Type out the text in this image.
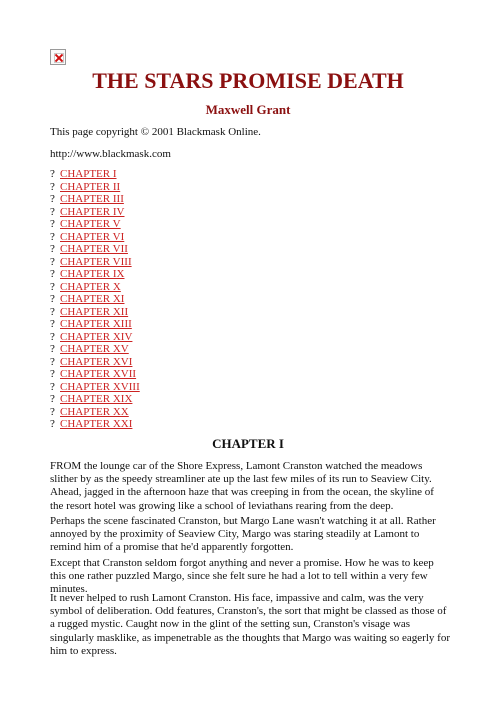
THE STARS PROMISE DEATH
Maxwell Grant
This page copyright © 2001 Blackmask Online.
http://www.blackmask.com
? CHAPTER I
? CHAPTER II
? CHAPTER III
? CHAPTER IV
? CHAPTER V
? CHAPTER VI
? CHAPTER VII
? CHAPTER VIII
? CHAPTER IX
? CHAPTER X
? CHAPTER XI
? CHAPTER XII
? CHAPTER XIII
? CHAPTER XIV
? CHAPTER XV
? CHAPTER XVI
? CHAPTER XVII
? CHAPTER XVIII
? CHAPTER XIX
? CHAPTER XX
? CHAPTER XXI
CHAPTER I

FROM the lounge car of the Shore Express, Lamont Cranston watched the meadows slither by as the speedy streamliner ate up the last few miles of its run to Seaview City. Ahead, jagged in the afternoon haze that was creeping in from the ocean, the skyline of the resort hotel was growing like a school of leviathans rearing from the deep.

Perhaps the scene fascinated Cranston, but Margo Lane wasn't watching it at all. Rather annoyed by the proximity of Seaview City, Margo was staring steadily at Lamont to remind him of a promise that he'd apparently forgotten.

Except that Cranston seldom forgot anything and never a promise. How he was to keep this one rather puzzled Margo, since she felt sure he had a lot to tell within a very few minutes.

It never helped to rush Lamont Cranston. His face, impassive and calm, was the very symbol of deliberation. Odd features, Cranston's, the sort that might be classed as those of a rugged mystic. Caught now in the glint of the setting sun, Cranston's visage was singularly masklike, as impenetrable as the thoughts that Margo was waiting so eagerly for him to express.
